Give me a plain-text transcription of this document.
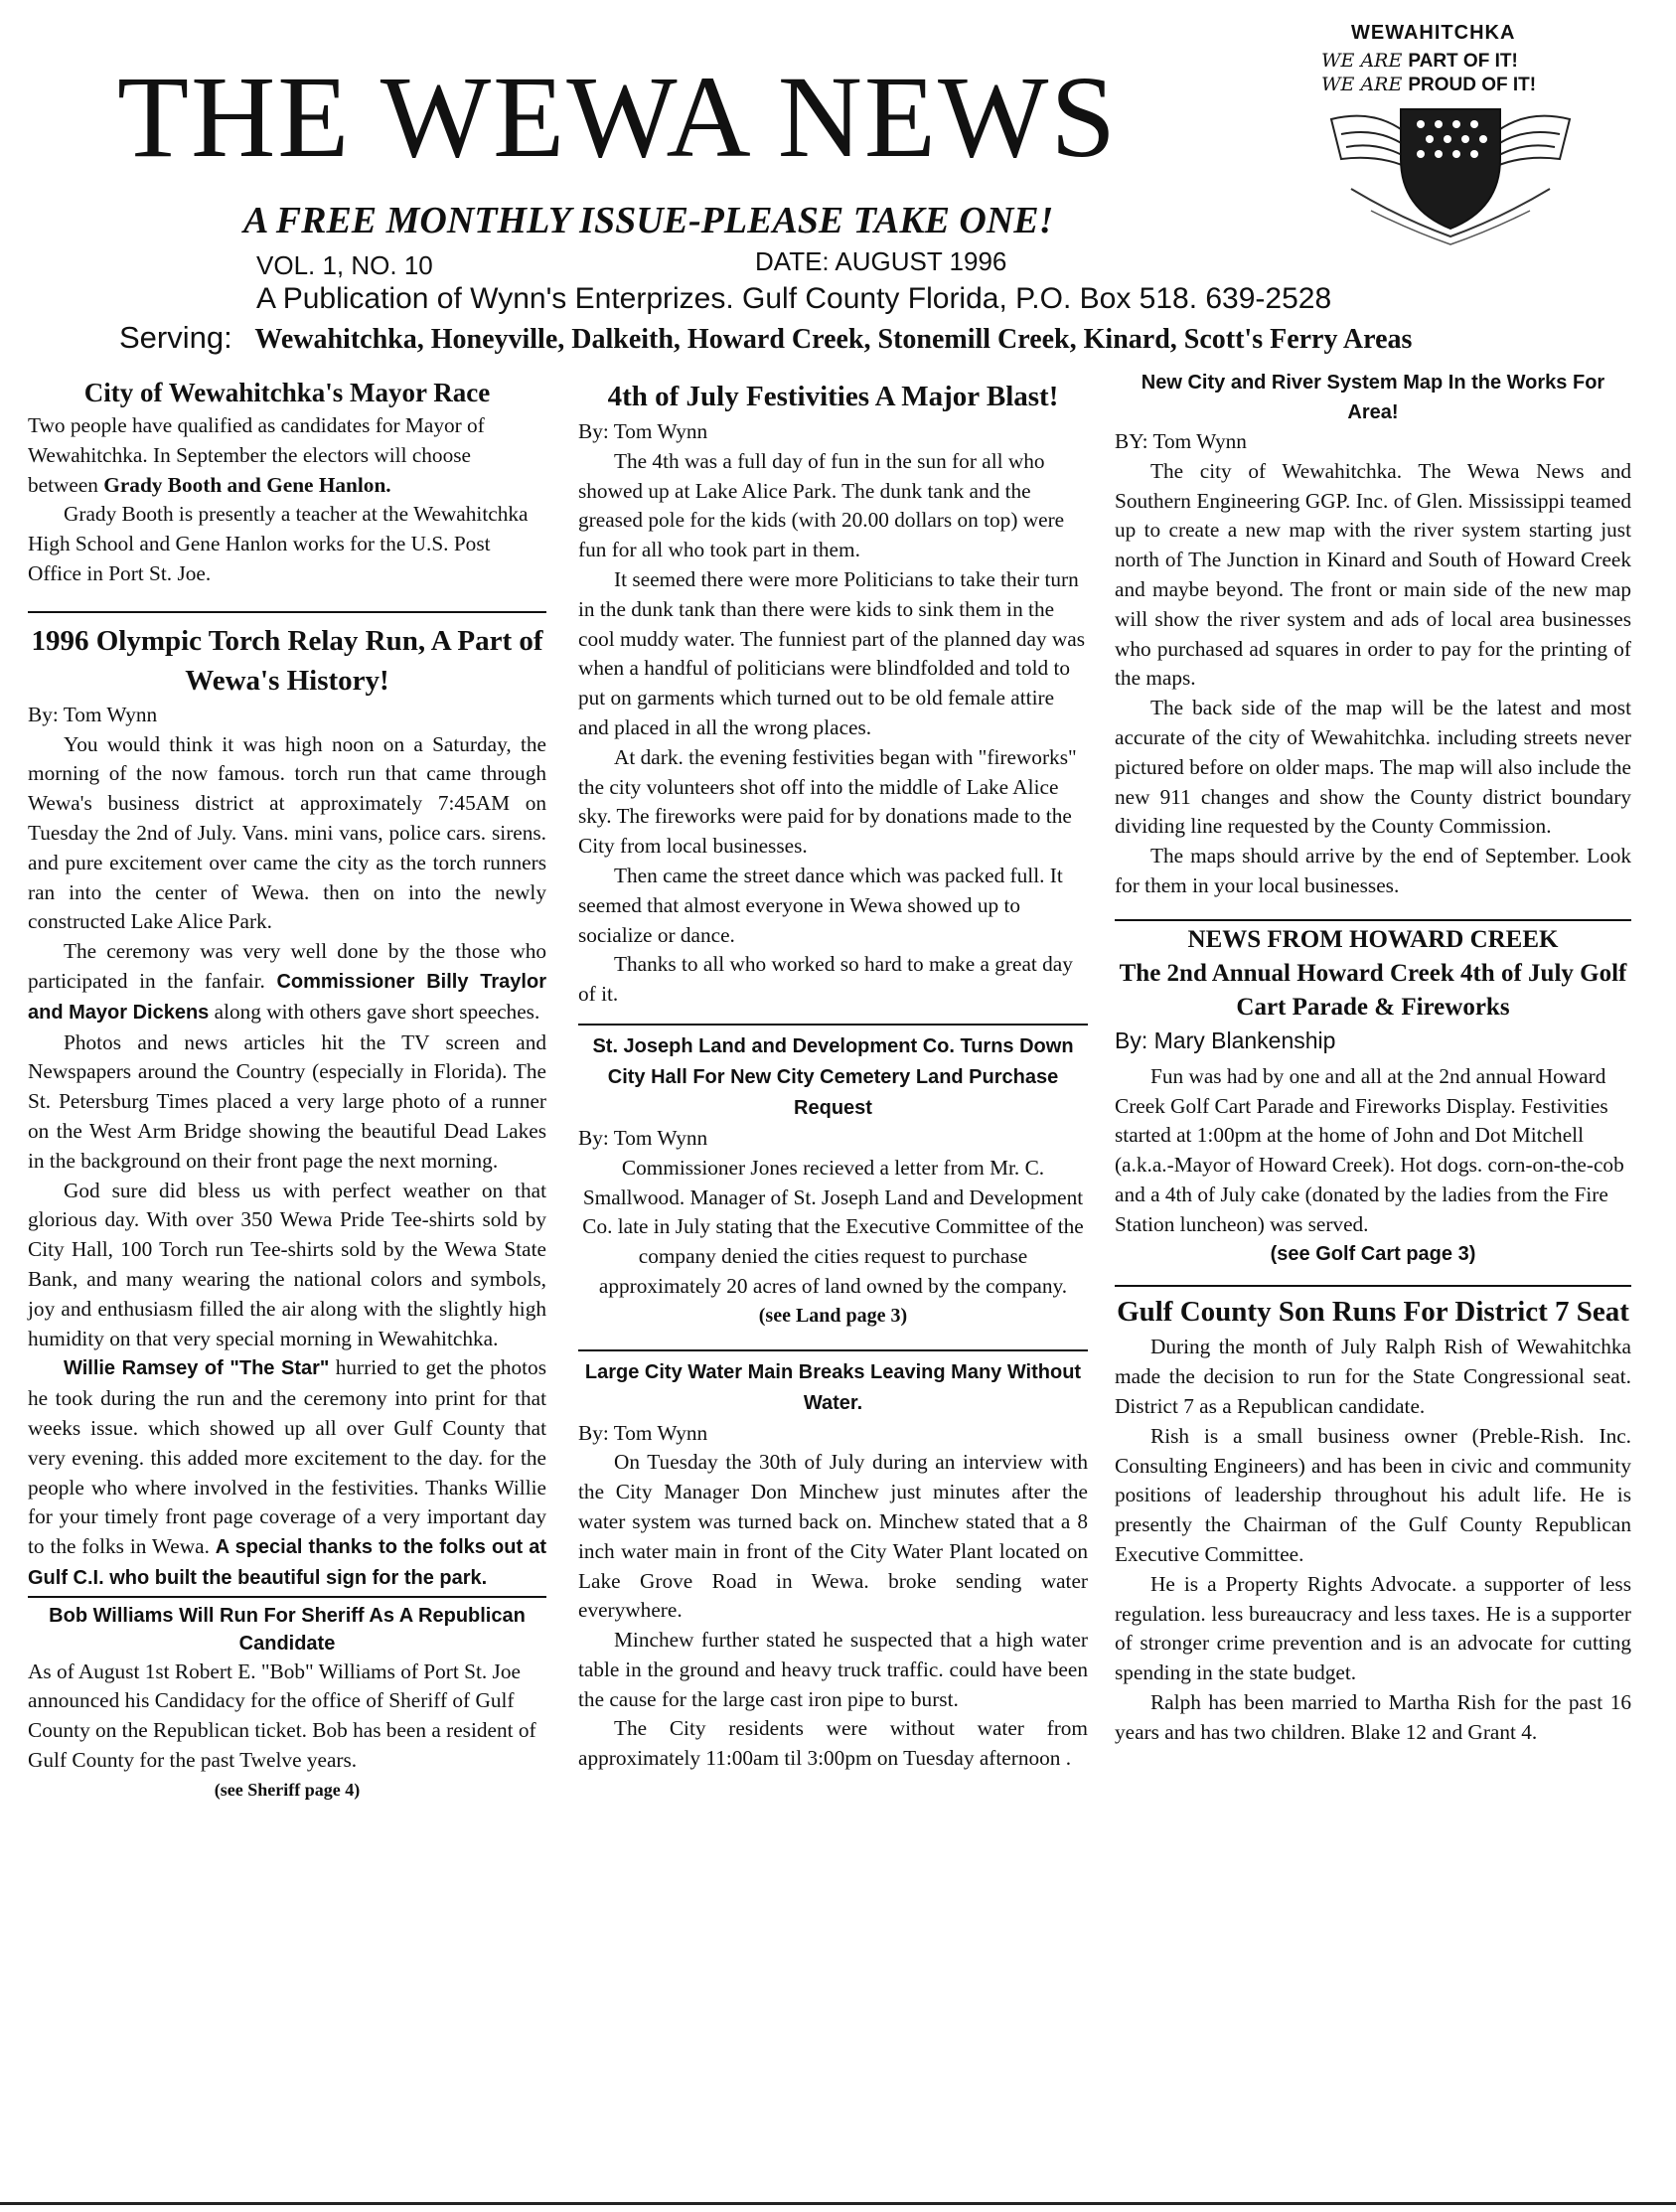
THE WEWA NEWS
A FREE MONTHLY ISSUE-PLEASE TAKE ONE!
VOL. 1, NO. 10	DATE: AUGUST 1996
A Publication of Wynn's Enterprizes. Gulf County Florida, P.O. Box 518. 639-2528
Serving: Wewahitchka, Honeyville, Dalkeith, Howard Creek, Stonemill Creek, Kinard, Scott's Ferry Areas
WEWAHITCHKA
WE ARE PART OF IT!
WE ARE PROUD OF IT!

City of Wewahitchka's Mayor Race

Two people have qualified as candidates for Mayor of Wewahitchka. In September the electors will choose between Grady Booth and Gene Hanlon.

Grady Booth is presently a teacher at the Wewahitchka High School and Gene Hanlon works for the U.S. Post Office in Port St. Joe.

1996 Olympic Torch Relay Run, A Part of Wewa's History!

By: Tom Wynn

You would think it was high noon on a Saturday, the morning of the now famous. torch run that came through Wewa's business district at approximately 7:45AM on Tuesday the 2nd of July. Vans. mini vans, police cars. sirens. and pure excitement over came the city as the torch runners ran into the center of Wewa. then on into the newly constructed Lake Alice Park.

The ceremony was very well done by the those who participated in the fanfair. Commissioner Billy Traylor and Mayor Dickens along with others gave short speeches.

Photos and news articles hit the TV screen and Newspapers around the Country (especially in Florida). The St. Petersburg Times placed a very large photo of a runner on the West Arm Bridge showing the beautiful Dead Lakes in the background on their front page the next morning.

God sure did bless us with perfect weather on that glorious day. With over 350 Wewa Pride Tee-shirts sold by City Hall, 100 Torch run Tee-shirts sold by the Wewa State Bank, and many wearing the national colors and symbols, joy and enthusiasm filled the air along with the slightly high humidity on that very special morning in Wewahitchka.

Willie Ramsey of "The Star" hurried to get the photos he took during the run and the ceremony into print for that weeks issue. which showed up all over Gulf County that very evening. this added more excitement to the day. for the people who where involved in the festivities. Thanks Willie for your timely front page coverage of a very important day to the folks in Wewa. A special thanks to the folks out at Gulf C.I. who built the beautiful sign for the park.

Bob Williams Will Run For Sheriff As A Republican Candidate

As of August 1st Robert E. "Bob" Williams of Port St. Joe announced his Candidacy for the office of Sheriff of Gulf County on the Republican ticket. Bob has been a resident of Gulf County for the past Twelve years.

(see Sheriff page 4)

4th of July Festivities A Major Blast!

By: Tom Wynn

The 4th was a full day of fun in the sun for all who showed up at Lake Alice Park. The dunk tank and the greased pole for the kids (with 20.00 dollars on top) were fun for all who took part in them.

It seemed there were more Politicians to take their turn in the dunk tank than there were kids to sink them in the cool muddy water. The funniest part of the planned day was when a handful of politicians were blindfolded and told to put on garments which turned out to be old female attire and placed in all the wrong places.

At dark. the evening festivities began with "fireworks" the city volunteers shot off into the middle of Lake Alice sky. The fireworks were paid for by donations made to the City from local businesses.

Then came the street dance which was packed full. It seemed that almost everyone in Wewa showed up to socialize or dance.

Thanks to all who worked so hard to make a great day of it.

St. Joseph Land and Development Co. Turns Down City Hall For New City Cemetery Land Purchase Request

By: Tom Wynn

Commissioner Jones recieved a letter from Mr. C. Smallwood. Manager of St. Joseph Land and Development Co. late in July stating that the Executive Committee of the company denied the cities request to purchase approximately 20 acres of land owned by the company.

(see Land page 3)

Large City Water Main Breaks Leaving Many Without Water.

By: Tom Wynn

On Tuesday the 30th of July during an interview with the City Manager Don Minchew just minutes after the water system was turned back on. Minchew stated that a 8 inch water main in front of the City Water Plant located on Lake Grove Road in Wewa. broke sending water everywhere.

Minchew further stated he suspected that a high water table in the ground and heavy truck traffic. could have been the cause for the large cast iron pipe to burst.

The City residents were without water from approximately 11:00am til 3:00pm on Tuesday afternoon .

New City and River System Map In the Works For Area!

BY: Tom Wynn

The city of Wewahitchka. The Wewa News and Southern Engineering GGP. Inc. of Glen. Mississippi teamed up to create a new map with the river system starting just north of The Junction in Kinard and South of Howard Creek and maybe beyond. The front or main side of the new map will show the river system and ads of local area businesses who purchased ad squares in order to pay for the printing of the maps.

The back side of the map will be the latest and most accurate of the city of Wewahitchka. including streets never pictured before on older maps. The map will also include the new 911 changes and show the County district boundary dividing line requested by the County Commission.

The maps should arrive by the end of September. Look for them in your local businesses.

NEWS FROM HOWARD CREEK

The 2nd Annual Howard Creek 4th of July Golf Cart Parade & Fireworks

By: Mary Blankenship

Fun was had by one and all at the 2nd annual Howard Creek Golf Cart Parade and Fireworks Display. Festivities started at 1:00pm at the home of John and Dot Mitchell (a.k.a.-Mayor of Howard Creek). Hot dogs. corn-on-the-cob and a 4th of July cake (donated by the ladies from the Fire Station luncheon) was served.

(see Golf Cart page 3)

Gulf County Son Runs For District 7 Seat

During the month of July Ralph Rish of Wewahitchka made the decision to run for the State Congressional seat. District 7 as a Republican candidate.

Rish is a small business owner (Preble-Rish. Inc. Consulting Engineers) and has been in civic and community positions of leadership throughout his adult life. He is presently the Chairman of the Gulf County Republican Executive Committee.

He is a Property Rights Advocate. a supporter of less regulation. less bureaucracy and less taxes. He is a supporter of stronger crime prevention and is an advocate for cutting spending in the state budget.

Ralph has been married to Martha Rish for the past 16 years and has two children. Blake 12 and Grant 4.
